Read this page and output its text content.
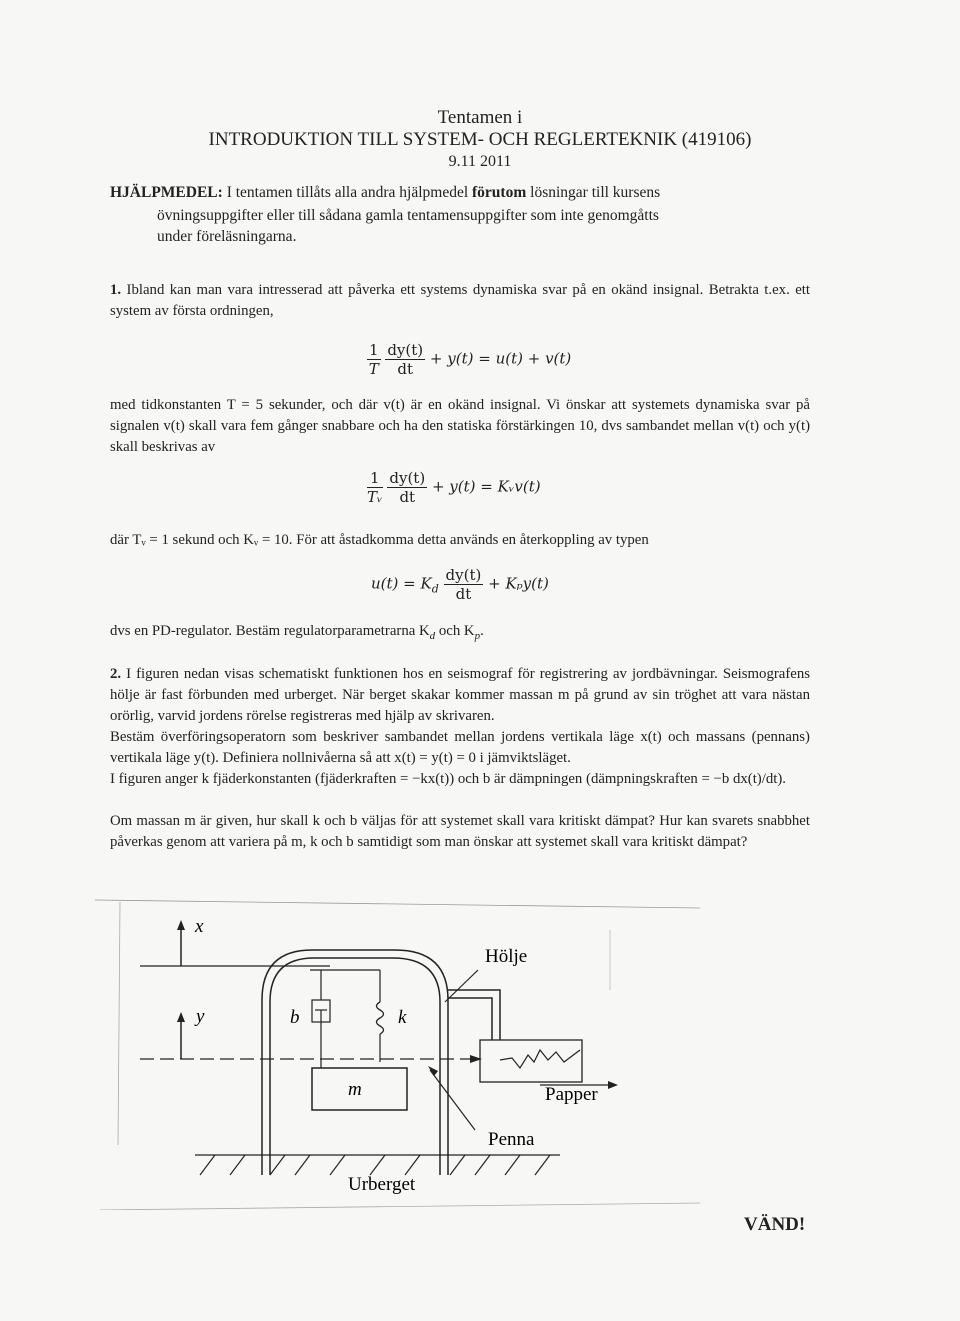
Tentamen i
INTRODUKTION TILL SYSTEM- OCH REGLERTEKNIK (419106)
9.11 2011
HJÄLPMEDEL: I tentamen tillåts alla andra hjälpmedel förutom lösningar till kursens
övningsuppgifter eller till sådana gamla tentamensuppgifter som inte genomgåtts
under föreläsningarna.
1. Ibland kan man vara intresserad att påverka ett systems dynamiska svar på en okänd insignal. Betrakta t.ex. ett system av första ordningen,
$\frac{1}{T}$
$\frac{dy(t)}{dt} + y(t) = u(t) + v(t)$
med tidkonstanten T = 5 sekunder, och där v(t) är en okänd insignal. Vi önskar att systemets dynamiska svar på signalen v(t) skall vara fem gånger snabbare och ha den statiska förstärkingen 10, dvs sambandet mellan v(t) och y(t) skall beskrivas av
$\frac{1}{\text{Tᵥ}}$
$\frac{dy(t)}{dt} + y(t)$ = Kᵥv(t)
där Tᵥ = 1 sekund och Kᵥ = 10. För att åstadkomma detta används en återkoppling av typen
$u(t) = K_d \frac{dy(t)}{dt} + K_py(t)$
dvs en PD-regulator. Bestäm regulatorparametrarna $K_d$ och $K_p$.
2. I figuren nedan visas schematiskt funktionen hos en seismograf för registrering av jordbävningar. Seismografens hölje är fast förbunden med urberget. När berget skakar kommer massan m på grund av sin tröghet att vara nästan orörlig, varvid jordens rörelse registreras med hjälp av skrivaren.
Bestäm överföringsoperatorn som beskriver sambandet mellan jordens vertikala läge x(t) och massans (pennans) vertikala läge y(t). Definiera nollnivåerna så att x(t) = y(t) = 0 i jämviktsläget.
I figuren anger k fjäderkonstanten (fjäderkraften = −kx(t)) och b är dämpningen (dämpningskraften = −b dx(t)/dt).
Om massan m är given, hur skall k och b väljas för att systemet skall vara kritiskt dämpat? Hur kan svarets snabbhet påverkas genom att variera på m, k och b samtidigt som man önskar att systemet skall vara kritiskt dämpat?
x
y	b	k
m
Penna
Papper
Hölje
Urberget
VÄND!
